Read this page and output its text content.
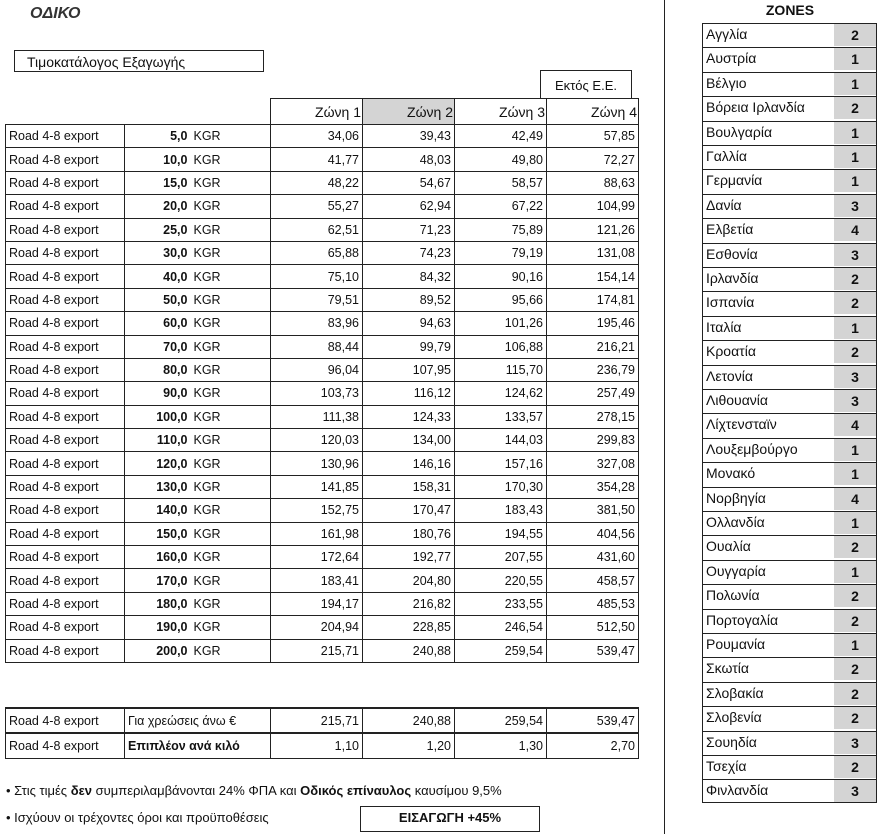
ΟΔΙΚΟ
Τιμοκατάλογος Εξαγωγής
Εκτός Ε.Ε.
			Ζώνη 1	Ζώνη 2	Ζώνη 3	Ζώνη 4
Road 4-8 export	5,0	KGR	34,06	39,43	42,49	57,85
Road 4-8 export	10,0	KGR	41,77	48,03	49,80	72,27
Road 4-8 export	15,0	KGR	48,22	54,67	58,57	88,63
Road 4-8 export	20,0	KGR	55,27	62,94	67,22	104,99
Road 4-8 export	25,0	KGR	62,51	71,23	75,89	121,26
Road 4-8 export	30,0	KGR	65,88	74,23	79,19	131,08
Road 4-8 export	40,0	KGR	75,10	84,32	90,16	154,14
Road 4-8 export	50,0	KGR	79,51	89,52	95,66	174,81
Road 4-8 export	60,0	KGR	83,96	94,63	101,26	195,46
Road 4-8 export	70,0	KGR	88,44	99,79	106,88	216,21
Road 4-8 export	80,0	KGR	96,04	107,95	115,70	236,79
Road 4-8 export	90,0	KGR	103,73	116,12	124,62	257,49
Road 4-8 export	100,0	KGR	111,38	124,33	133,57	278,15
Road 4-8 export	110,0	KGR	120,03	134,00	144,03	299,83
Road 4-8 export	120,0	KGR	130,96	146,16	157,16	327,08
Road 4-8 export	130,0	KGR	141,85	158,31	170,30	354,28
Road 4-8 export	140,0	KGR	152,75	170,47	183,43	381,50
Road 4-8 export	150,0	KGR	161,98	180,76	194,55	404,56
Road 4-8 export	160,0	KGR	172,64	192,77	207,55	431,60
Road 4-8 export	170,0	KGR	183,41	204,80	220,55	458,57
Road 4-8 export	180,0	KGR	194,17	216,82	233,55	485,53
Road 4-8 export	190,0	KGR	204,94	228,85	246,54	512,50
Road 4-8 export	200,0	KGR	215,71	240,88	259,54	539,47
Road 4-8 export	Για χρεώσεις άνω €	215,71	240,88	259,54	539,47
Road 4-8 export	Επιπλέον ανά κιλό	1,10	1,20	1,30	2,70
• Στις τιμές δεν συμπεριλαμβάνονται 24% ΦΠΑ και Οδικός επίναυλος καυσίμου 9,5%
• Ισχύουν οι τρέχοντες όροι και προϋποθέσεις	ΕΙΣΑΓΩΓΗ +45%
ZONES
Αγγλία	2
Αυστρία	1
Βέλγιο	1
Βόρεια Ιρλανδία	2
Βουλγαρία	1
Γαλλία	1
Γερμανία	1
Δανία	3
Ελβετία	4
Εσθονία	3
Ιρλανδία	2
Ισπανία	2
Ιταλία	1
Κροατία	2
Λετονία	3
Λιθουανία	3
Λίχτενσταϊν	4
Λουξεμβούργο	1
Μονακό	1
Νορβηγία	4
Ολλανδία	1
Ουαλία	2
Ουγγαρία	1
Πολωνία	2
Πορτογαλία	2
Ρουμανία	1
Σκωτία	2
Σλοβακία	2
Σλοβενία	2
Σουηδία	3
Τσεχία	2
Φινλανδία	3
